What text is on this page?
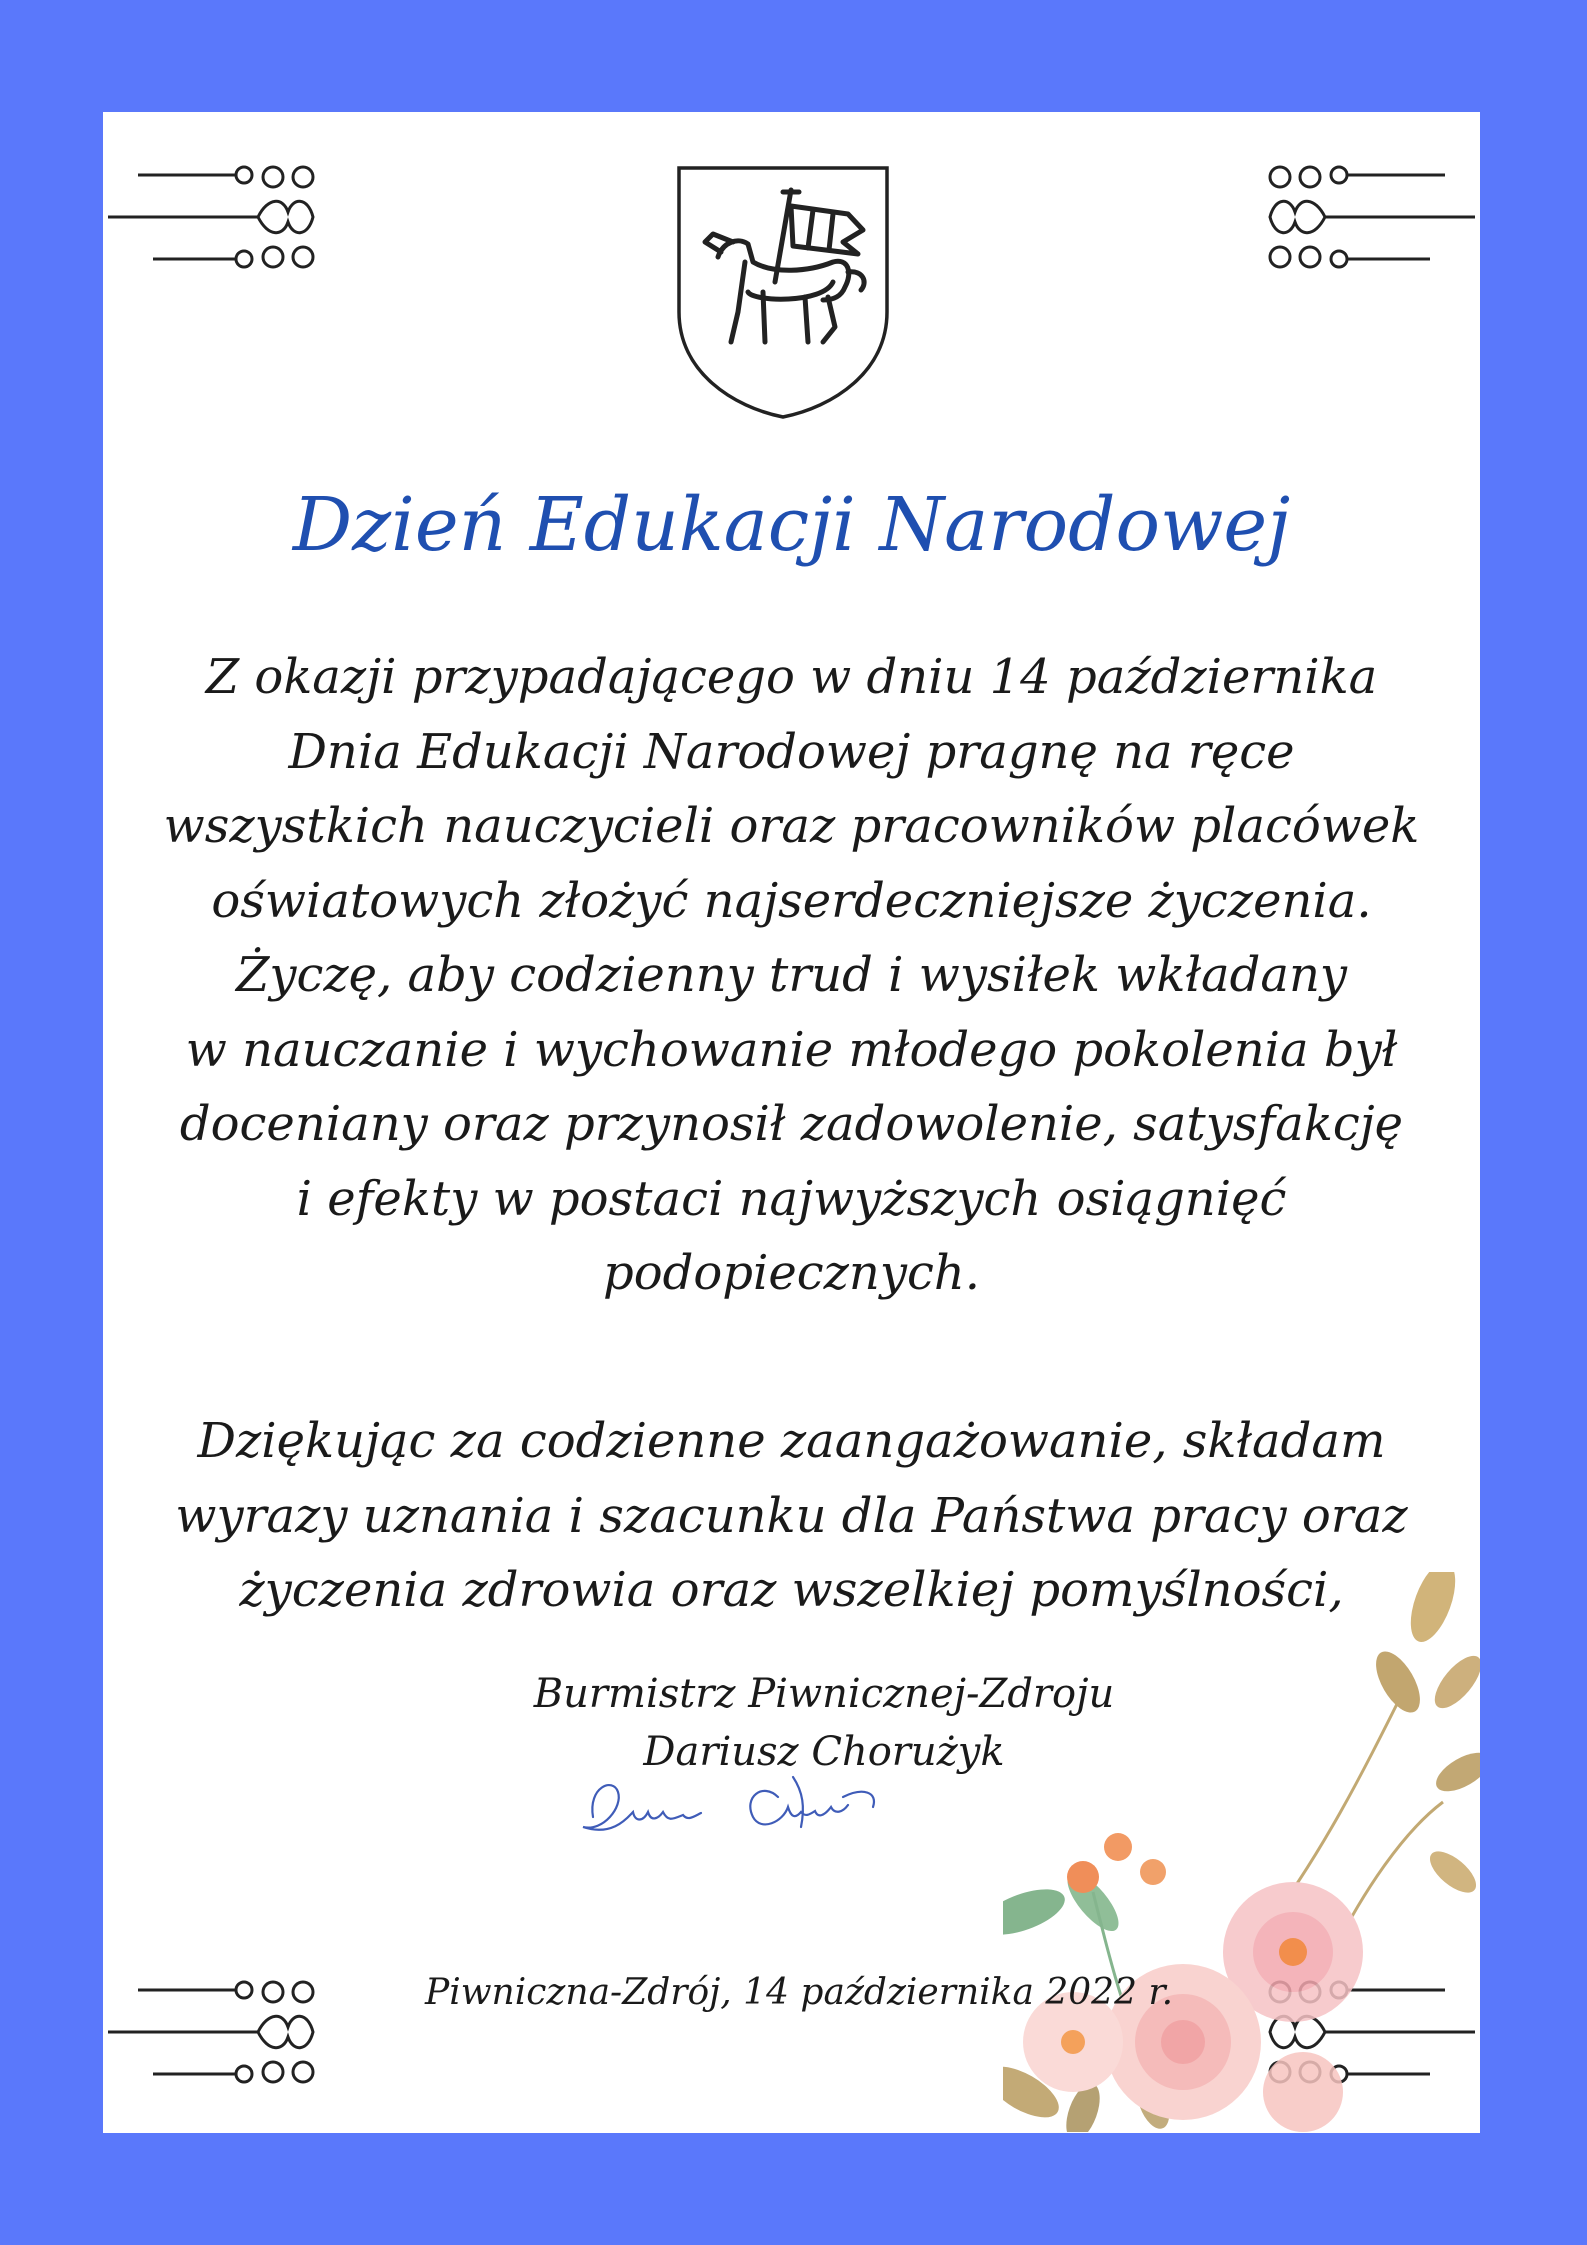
Dzień Edukacji Narodowej

Z okazji przypadającego w dniu 14 października
Dnia Edukacji Narodowej pragnę na ręce
wszystkich nauczycieli oraz pracowników placówek
oświatowych złożyć najserdeczniejsze życzenia.
Życzę, aby codzienny trud i wysiłek wkładany
w nauczanie i wychowanie młodego pokolenia był
doceniany oraz przynosił zadowolenie, satysfakcję
i efekty w postaci najwyższych osiągnięć
podopiecznych.

Dziękując za codzienne zaangażowanie, składam
wyrazy uznania i szacunku dla Państwa pracy oraz
życzenia zdrowia oraz wszelkiej pomyślności,

Burmistrz Piwnicznej-Zdroju
Dariusz Chorużyk
Piwniczna-Zdrój, 14 października 2022 r.
